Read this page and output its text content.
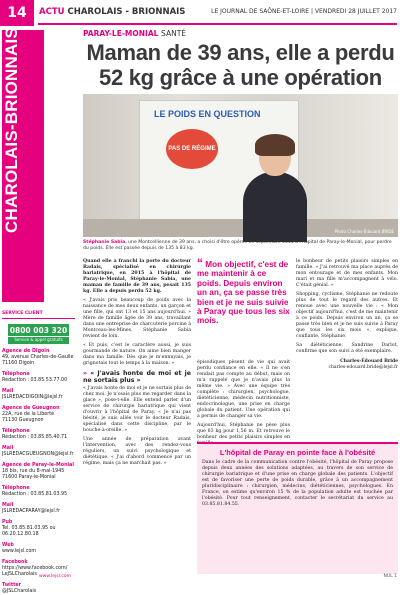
14	ACTU CHAROLAIS - BRIONNAIS	LE JOURNAL DE SAÔNE-ET-LOIRE | VENDREDI 28 JUILLET 2017
CHAROLAIS-BRIONNAIS
SERVICE CLIENT
0800 003 320
Service & appel gratuits
Agence de Digoin
49, avenue Charles-de-Gaulle
71160 Digoin
Téléphone
Rédaction : 03.85.53.77.00
Mail
JSLREDACDIGOIN@lejsl.fr
Agence de Gueugnon
22A, rue de la Liberté
71130 Gueugnon
Téléphone
Rédaction : 03.85.85.40.71
Mail
JSLREDACGUEUGNON@lejsl.fr
Agence de Paray-le-Monial
18 bis, rue du 8-mai-1945
71600 Paray-le-Monial
Téléphone
Rédaction : 03.85.81.03.95
Mail
JSLREDACPARAY@lejsl.fr
Pub
Tel. 03.85.81.03.95 ou
06.20.12.80.18
Web
www.lejsl.com
Facebook
https://www.facebook.com/
LeJSLCharolais
Twitter
@JSLCharolais
PARAY-LE-MONIAL SANTÉ
Maman de 39 ans, elle a perdu 52 kg grâce à une opération
LE POIDS EN QUESTION
PAS DE RÉGIME
Photo Charles-Édouard BRIDE
Stéphanie Sabia, une Montcellienne de 39 ans, a choisi d'être opérée en septembre 2015 à l'hôpital de Paray-le-Monial, pour perdre du poids. Elle est passée depuis de 135 à 83 kg.

Quand elle a franchi la porte du docteur Radais, spécialisé en chirurgie bariatrique, en 2015 à l'hôpital de Paray-le-Monial, Stéphanie Sabia, une maman de famille de 39 ans, pesait 135 kg. Elle a depuis perdu 52 kg.

« J'avais pris beaucoup de poids avec la naissance de mes deux enfants, un garçon et une fille, qui ont 13 et 15 ans aujourd'hui. » Mère de famille âgée de 39 ans, travaillant dans une entreprise de charcuterie porcine à Montceau-les-Mines, Stéphanie Sabia revient de loin.

« Et puis, c'est le caractère aussi, je suis gourmande de nature. On aime bien manger dans ma famille. Dès que je m'ennuyais, je grignotais tout le temps à la maison. »

» « J'avais honte de moi et je ne sortais plus »

« J'avais honte de moi et je ne sortais plus de chez moi. Je n'osais plus me regarder dans la glace », pose-t-elle. Elle entend parler d'un service de chirurgie bariatrique qui vient d'ouvrir à l'hôpital de Paray. « Je n'ai pas hésité, je suis allée voir le docteur Radais, spécialisé dans cette discipline, par le bouche-à-oreille. »

Une année de préparation avant l'intervention, avec des rendez-vous réguliers, un suivi psychologique et diététique. « J'ai d'abord commencé par un régime, mais ça ne marchait pas. »

“ Mon objectif, c'est de me maintenir à ce poids. Depuis environ un an, ça se passe très bien et je ne suis suivie à Paray que tous les six mois.

épisodiques pèsent de vie qui avait perdu confiance en elle. « Il ne s'en rendait pas compte au début, mais on m'a rappelé que je n'avais plus la même vie. » Avec une équipe très complète : chirurgien, psychologue, diététicienne, médecin nutritionniste, endocrinologue, une prise en charge globale du patient. Une opération qui a permis de changer sa vie.

Aujourd'hui, Stéphanie ne pèse plus que 83 kg pour 1,56 m. Et retrouve le bonheur des petits plaisirs simples en

le bonheur de petits plaisirs simples en famille. « J'ai retrouvé ma place auprès de mon entourage et de mes enfants. Mon mari et ma fille m'accompagnent à vélo. C'était génial. »

Shopping, cyclisme, Stéphanie ne redoute plus de tout le regard des autres. Et renoue avec une nouvelle vie : « Mon objectif aujourd'hui, c'est de me maintenir à ce poids. Depuis environ un an, ça se passe très bien et je ne suis suivie à Paray que tous les six mois », explique, confiante, Stéphanie.

Sa diététicienne, Sandrine Darlot, confirme que son suivi a été exemplaire.

Charles-Édouard Bride
charles-edouard.bride@lejsl.fr
L'hôpital de Paray en pointe face à l'obésité
Dans le cadre de la communication contre l'obésité, l'hôpital de Paray propose depuis deux années des solutions adaptées, au travers de son service de chirurgie bariatrique et d'une prise en charge globale des patients. L'objectif est de favoriser une perte de poids durable, grâce à un accompagnement pluridisciplinaire : chirurgien, médecins, diététiciennes, psychologues. En France, on estime qu'environ 15 % de la population adulte est touchée par l'obésité. Pour tout renseignement, contacter le secrétariat du service au 03.85.81.84.55.
www.lejsl.com	NUL 1
